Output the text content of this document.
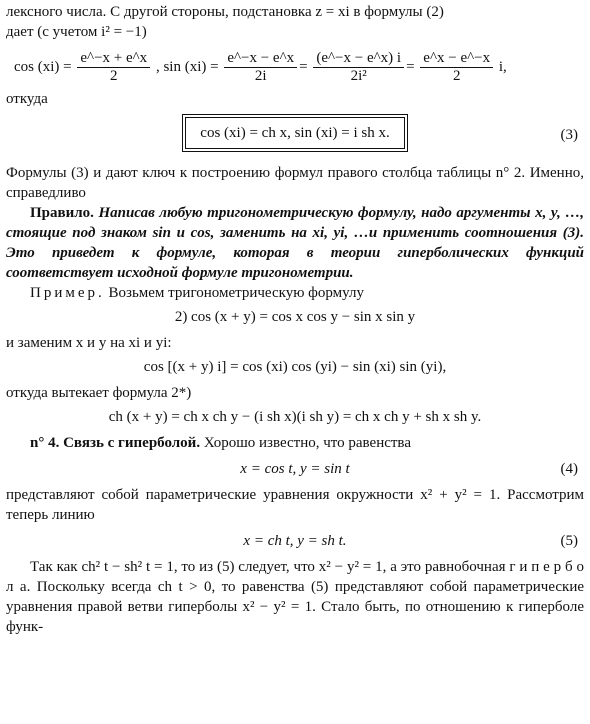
лексного числа. С другой стороны, подстановка z = xi в формулы (2)

дает (с учетом i² = −1)

$\cos (xi) = \frac{e\^{}-x + e\^{}x}{2}$ , $\sin (xi) = \frac{e\^{}-x - e\^{}x}{2i} = \frac{(e\^{}-x - e\^{}x) i}{\text{2i²}} = \frac{e\^{}x - e\^{}-x}{2} i$,

откуда

cos (xi) = ch x, sin (xi) = i sh x.	(3)

Формулы (3) и дают ключ к построению формул правого столбца таблицы n° 2. Именно, справедливо

Правило. Написав любую тригонометрическую формулу, надо аргументы x, y, …, стоящие под знаком sin и cos, заменить на xi, yi, …и применить соотношения (3). Это приведет к формуле, которая в теории гиперболических функций соответствует исходной формуле тригонометрии.

Пример. Возьмем тригонометрическую формулу

2) cos (x + y) = cos x cos y − sin x sin y

и заменим x и y на xi и yi:

cos [(x + y) i] = cos (xi) cos (yi) − sin (xi) sin (yi),

откуда вытекает формула 2*)

ch (x + y) = ch x ch y − (i sh x)(i sh y) = ch x ch y + sh x sh y.

n° 4. Связь с гиперболой. Хорошо известно, что равенства

x = cos t, y = sin t	(4)

представляют собой параметрические уравнения окружности x² + y² = 1. Рассмотрим теперь линию

x = ch t, y = sh t.	(5)

Так как ch² t − sh² t = 1, то из (5) следует, что x² − y² = 1, а это равнобочная г и п е р б о л а. Поскольку всегда ch t > 0, то равенства (5) представляют собой параметрические уравнения правой ветви гиперболы x² − y² = 1. Стало быть, по отношению к гиперболе функ-
